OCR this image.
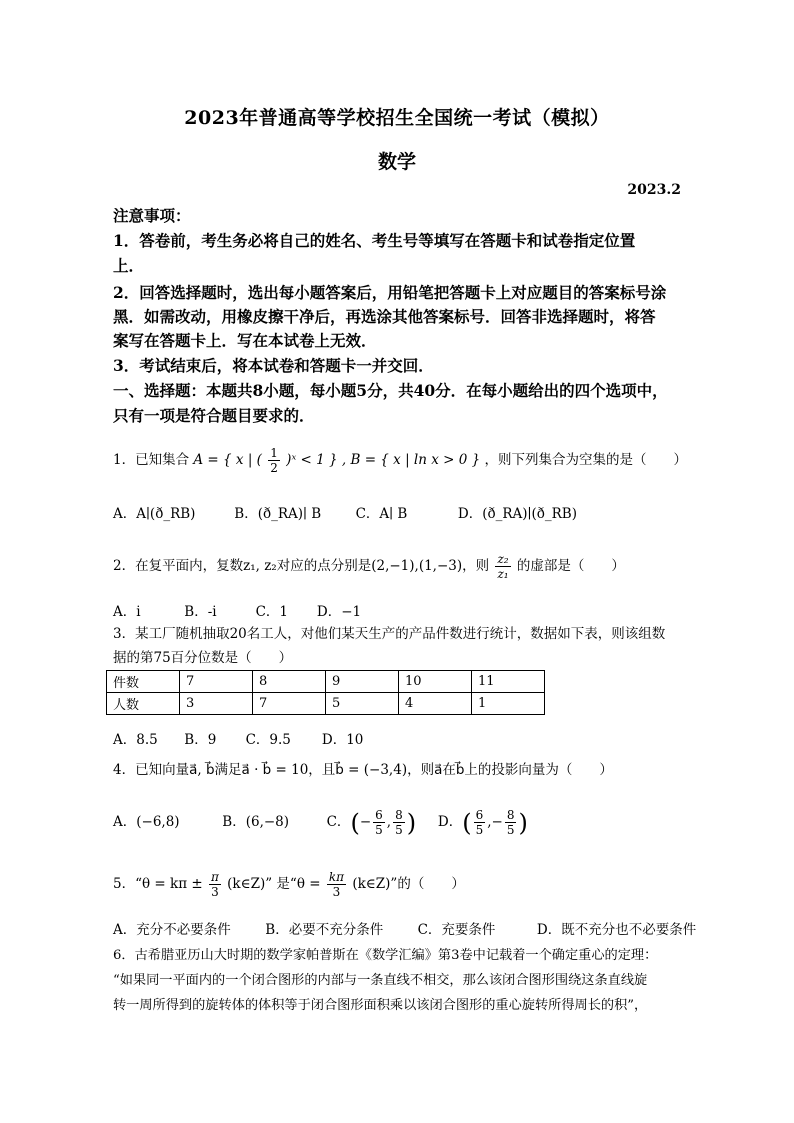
2023年普通高等学校招生全国统一考试（模拟）
数学
2023.2
注意事项：
1．答卷前，考生务必将自己的姓名、考生号等填写在答题卡和试卷指定位置
上．
2．回答选择题时，选出每小题答案后，用铅笔把答题卡上对应题目的答案标号涂
黑．如需改动，用橡皮擦干净后，再选涂其他答案标号．回答非选择题时，将答
案写在答题卡上．写在本试卷上无效．
3．考试结束后，将本试卷和答题卡一并交回．
一、选择题：本题共8小题，每小题5分，共40分．在每小题给出的四个选项中，
只有一项是符合题目要求的．
1．已知集合 A = { x | ( $\frac{1}{2}$ )ˣ < 1 } , B = { x | ln x > 0 } ，则下列集合为空集的是（　　）
A．A∣(ð_RB)	B．(ð_RA)∣ B	C．A∣ B	D．(ð_RA)∣(ð_RB)
2．在复平面内，复数z₁, z₂对应的点分别是(2,−1),(1,−3)，则 $\frac{\text{z₂}}{\text{z₁}}$ 的虚部是（　　）
A．i	B．-i	C．1 D．−1
3．某工厂随机抽取20名工人，对他们某天生产的产品件数进行统计，数据如下表，则该组数
据的第75百分位数是（　　）
件数	7	8	9	10	11
人数	3	7	5	4	1
A．8.5 B．9 C．9.5 D．10
4．已知向量a⃗, b⃗满足a⃗ · b⃗ = 10，且b⃗ = (−3,4)，则a⃗在b⃗上的投影向量为（　　）
A．(−6,8)	B．(6,−8)	C．(− $\frac{6}{5}$ , $\frac{8}{5}$ ) D．( $\frac{6}{5}$ ,− $\frac{8}{5}$ )
5．“$\theta = k\pi \pm \frac{\pi}{3}$ (k∈Z)” 是“$\theta = \frac{k\pi}{3}$ (k∈Z)”的（　　）
A．充分不必要条件	B．必要不充分条件	C．充要条件	D．既不充分也不必要条件
6．古希腊亚历山大时期的数学家帕普斯在《数学汇编》第3卷中记载着一个确定重心的定理：
“如果同一平面内的一个闭合图形的内部与一条直线不相交，那么该闭合图形围绕这条直线旋
转一周所得到的旋转体的体积等于闭合图形面积乘以该闭合图形的重心旋转所得周长的积”，
